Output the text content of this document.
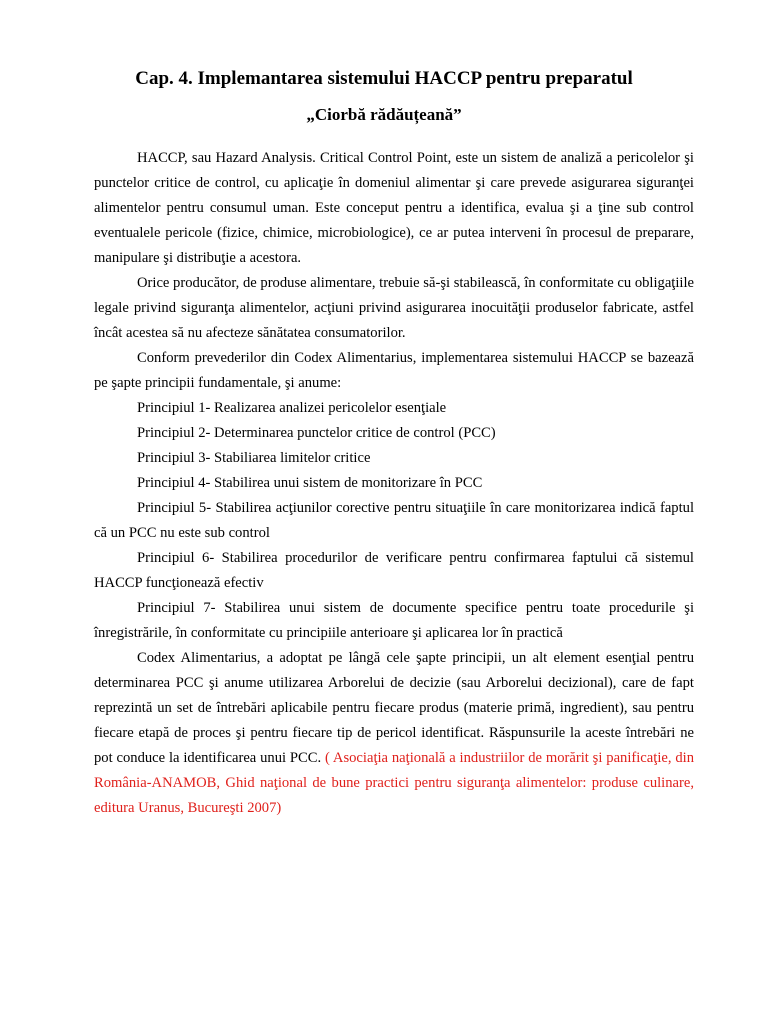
Cap. 4. Implemantarea sistemului HACCP pentru preparatul
„Ciorbă rădăuțeană”

HACCP, sau Hazard Analysis. Critical Control Point, este un sistem de analiză a pericolelor şi punctelor critice de control, cu aplicaţie în domeniul alimentar şi care prevede asigurarea siguranţei alimentelor pentru consumul uman. Este conceput pentru a identifica, evalua şi a ţine sub control eventualele pericole (fizice, chimice, microbiologice), ce ar putea interveni în procesul de preparare, manipulare şi distribuţie a acestora.

Orice producător, de produse alimentare, trebuie să-şi stabilească, în conformitate cu obligaţiile legale privind siguranţa alimentelor, acţiuni privind asigurarea inocuităţii produselor fabricate, astfel încât acestea să nu afecteze sănătatea consumatorilor.

Conform prevederilor din Codex Alimentarius, implementarea sistemului HACCP se bazează pe şapte principii fundamentale, şi anume:

Principiul 1- Realizarea analizei pericolelor esenţiale

Principiul 2- Determinarea punctelor critice de control (PCC)

Principiul 3- Stabiliarea limitelor critice

Principiul 4- Stabilirea unui sistem de monitorizare în PCC

Principiul 5- Stabilirea acţiunilor corective pentru situaţiile în care monitorizarea indică faptul că un PCC nu este sub control

Principiul 6- Stabilirea procedurilor de verificare pentru confirmarea faptului că sistemul HACCP funcţionează efectiv

Principiul 7- Stabilirea unui sistem de documente specifice pentru toate procedurile şi înregistrările, în conformitate cu principiile anterioare şi aplicarea lor în practică

Codex Alimentarius, a adoptat pe lângă cele şapte principii, un alt element esenţial pentru determinarea PCC şi anume utilizarea Arborelui de decizie (sau Arborelui decizional), care de fapt reprezintă un set de întrebări aplicabile pentru fiecare produs (materie primă, ingredient), sau pentru fiecare etapă de proces şi pentru fiecare tip de pericol identificat. Răspunsurile la aceste întrebări ne pot conduce la identificarea unui PCC. ( Asociaţia naţională a industriilor de morărit şi panificaţie, din România-ANAMOB, Ghid naţional de bune practici pentru siguranţa alimentelor: produse culinare, editura Uranus, Bucureşti 2007)
